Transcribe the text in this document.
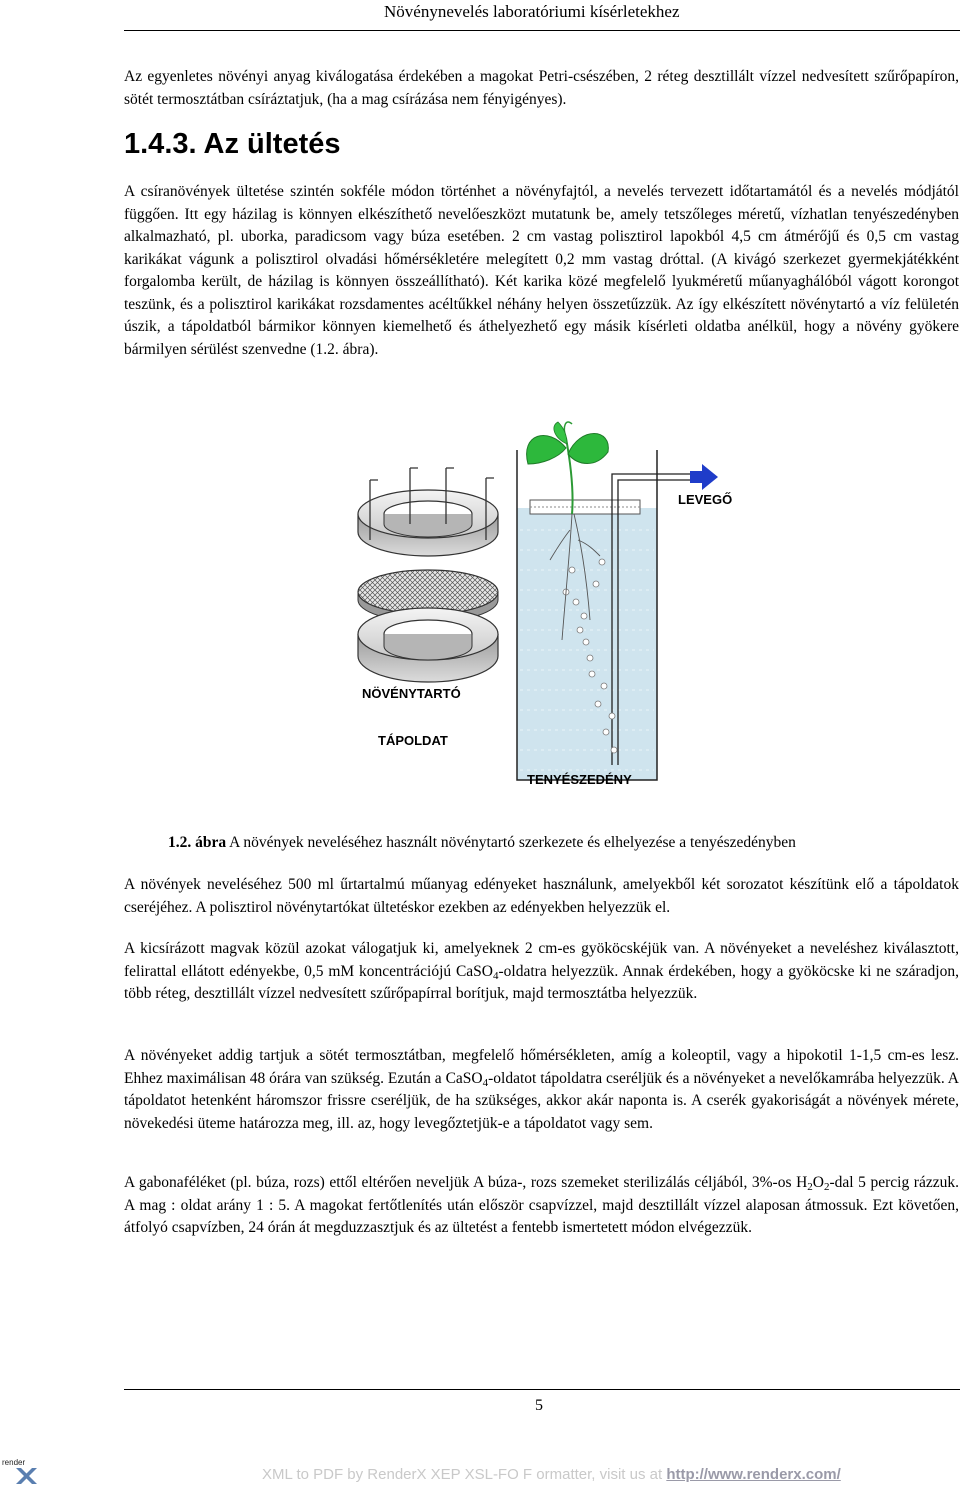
Növénynevelés laboratóriumi kísérletekhez
Az egyenletes növényi anyag kiválogatása érdekében a magokat Petri-csészében, 2 réteg desztillált vízzel nedvesített szűrőpapíron, sötét termosztátban csíráztatjuk, (ha a mag csírázása nem fényigényes).
1.4.3. Az ültetés
A csíranövények ültetése szintén sokféle módon történhet a növényfajtól, a nevelés tervezett időtartamától és a nevelés módjától függően. Itt egy házilag is könnyen elkészíthető nevelőeszközt mutatunk be, amely tetszőleges méretű, vízhatlan tenyészedényben alkalmazható, pl. uborka, paradicsom vagy búza esetében. 2 cm vastag polisztirol lapokból 4,5 cm átmérőjű és 0,5 cm vastag karikákat vágunk a polisztirol olvadási hőmérsékletére melegített 0,2 mm vastag dróttal. (A kivágó szerkezet gyermekjátékként forgalomba került, de házilag is könnyen összeállítható). Két karika közé megfelelő lyukméretű műanyaghálóból vágott korongot teszünk, és a polisztirol karikákat rozsdamentes acéltűkkel néhány helyen összetűzzük. Az így elkészített növénytartó a víz felületén úszik, a tápoldatból bármikor könnyen kiemelhető és áthelyezhető egy másik kísérleti oldatba anélkül, hogy a növény gyökere bármilyen sérülést szenvedne (1.2. ábra).
NÖVÉNYTARTÓ
TÁPOLDAT
LEVEGŐ
TENYÉSZEDÉNY
1.2. ábra A növények neveléséhez használt növénytartó szerkezete és elhelyezése a tenyészedényben
A növények neveléséhez 500 ml űrtartalmú műanyag edényeket használunk, amelyekből két sorozatot készítünk elő a tápoldatok cseréjéhez. A polisztirol növénytartókat ültetéskor ezekben az edényekben helyezzük el.
A kicsírázott magvak közül azokat válogatjuk ki, amelyeknek 2 cm-es gyököcskéjük van. A növényeket a neveléshez kiválasztott, felirattal ellátott edényekbe, 0,5 mM koncentrációjú CaSO$_4$-oldatra helyezzük. Annak érdekében, hogy a gyököcske ki ne száradjon, több réteg, desztillált vízzel nedvesített szűrőpapírral borítjuk, majd termosztátba helyezzük.
A növényeket addig tartjuk a sötét termosztátban, megfelelő hőmérsékleten, amíg a koleoptil, vagy a hipokotil 1-1,5 cm-es lesz. Ehhez maximálisan 48 órára van szükség. Ezután a CaSO$_4$-oldatot tápoldatra cseréljük és a növényeket a nevelőkamrába helyezzük. A tápoldatot hetenként háromszor frissre cseréljük, de ha szükséges, akkor akár naponta is. A cserék gyakoriságát a növények mérete, növekedési üteme határozza meg, ill. az, hogy levegőztetjük-e a tápoldatot vagy sem.
A gabonaféléket (pl. búza, rozs) ettől eltérően neveljük A búza-, rozs szemeket sterilizálás céljából, 3%-os $H_2O_2$-dal 5 percig rázzuk. A mag : oldat arány 1 : 5. A magokat fertőtlenítés után először csapvízzel, majd desztillált vízzel alaposan átmossuk. Ezt követően, átfolyó csapvízben, 24 órán át megduzzasztjuk és az ültetést a fentebb ismertetett módon elvégezzük.
5
render
XML to PDF by RenderX XEP XSL-FO F ormatter, visit us at http://www.renderx.com/
